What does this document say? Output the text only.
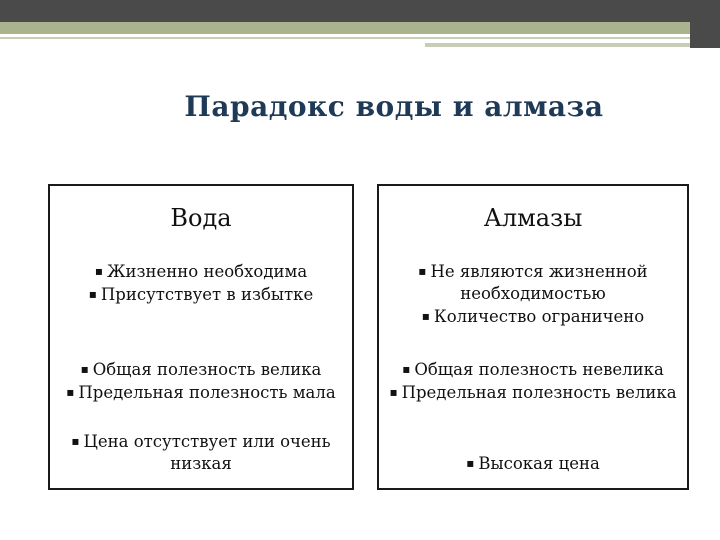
Парадокс воды и алмаза
Вода
▪ Жизненно необходима
▪ Присутствует в избытке
▪ Общая полезность велика
▪ Предельная полезность мала
▪ Цена отсутствует или очень
низкая
Алмазы
▪ Не являются жизненной
необходимостью
▪ Количество ограничено
▪ Общая полезность невелика
▪ Предельная полезность велика
▪ Высокая цена
